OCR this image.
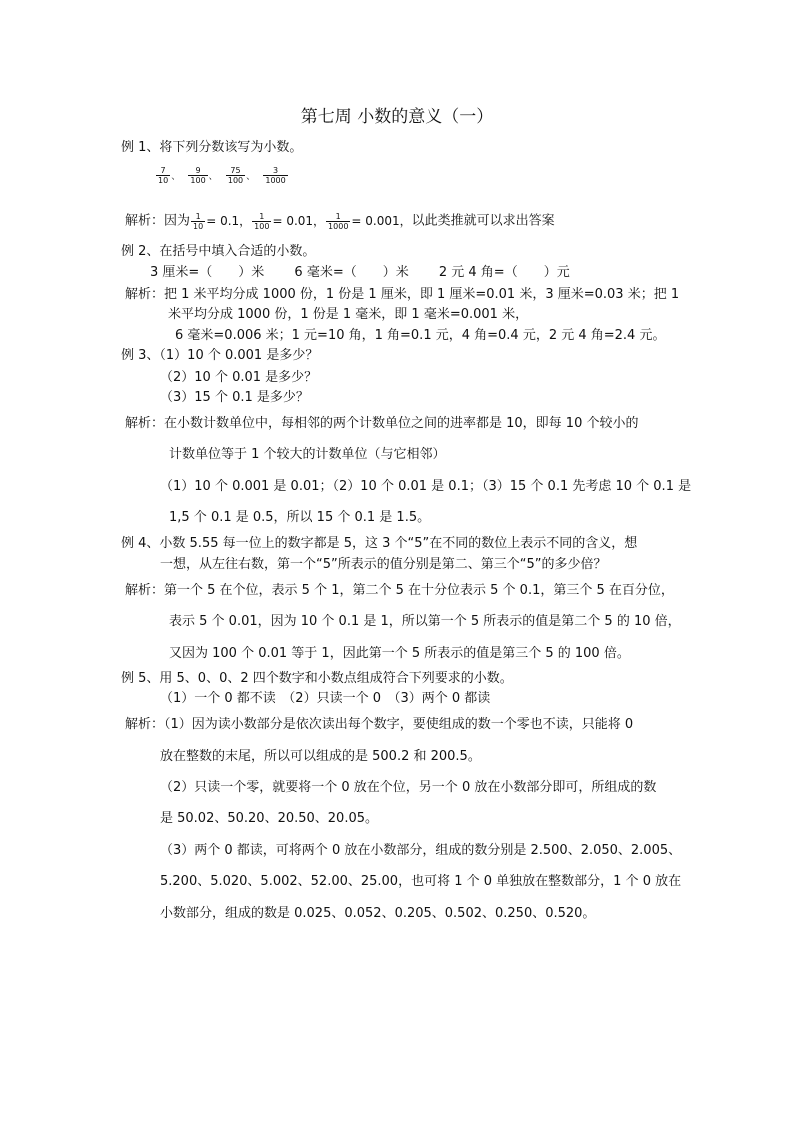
第七周 小数的意义（一）
例 1、将下列分数该写为小数。
$\frac{7}{10}$ 、 $\frac{9}{100}$ 、 $\frac{75}{100}$ 、 $\frac{3}{1000}$
解析：因为 $\frac{1}{10} = 0.1$， $\frac{1}{100} = 0.01$， $\frac{1}{1000} = 0.001$，以此类推就可以求出答案
例 2、在括号中填入合适的小数。
3 厘米=（　　）米　　 6 毫米=（　　）米　　 2 元 4 角=（　　）元
解析：把 1 米平均分成 1000 份，1 份是 1 厘米，即 1 厘米=0.01 米，3 厘米=0.03 米；把 1
米平均分成 1000 份，1 份是 1 毫米，即 1 毫米=0.001 米，
6 毫米=0.006 米；1 元=10 角，1 角=0.1 元，4 角=0.4 元，2 元 4 角=2.4 元。
例 3、（1）10 个 0.001 是多少？
（2）10 个 0.01 是多少？
（3）15 个 0.1 是多少？
解析：在小数计数单位中，每相邻的两个计数单位之间的进率都是 10，即每 10 个较小的
计数单位等于 1 个较大的计数单位（与它相邻）
（1）10 个 0.001 是 0.01；（2）10 个 0.01 是 0.1；（3）15 个 0.1 先考虑 10 个 0.1 是
1,5 个 0.1 是 0.5，所以 15 个 0.1 是 1.5。
例 4、小数 5.55 每一位上的数字都是 5，这 3 个“5”在不同的数位上表示不同的含义，想
一想，从左往右数，第一个“5”所表示的值分别是第二、第三个“5”的多少倍？
解析：第一个 5 在个位，表示 5 个 1，第二个 5 在十分位表示 5 个 0.1，第三个 5 在百分位，
表示 5 个 0.01，因为 10 个 0.1 是 1，所以第一个 5 所表示的值是第二个 5 的 10 倍，
又因为 100 个 0.01 等于 1，因此第一个 5 所表示的值是第三个 5 的 100 倍。
例 5、用 5、0、0、2 四个数字和小数点组成符合下列要求的小数。
（1）一个 0 都不读　（2）只读一个 0　（3）两个 0 都读
解析：（1）因为读小数部分是依次读出每个数字，要使组成的数一个零也不读，只能将 0
放在整数的末尾，所以可以组成的是 500.2 和 200.5。
（2）只读一个零，就要将一个 0 放在个位，另一个 0 放在小数部分即可，所组成的数
是 50.02、50.20、20.50、20.05。
（3）两个 0 都读，可将两个 0 放在小数部分，组成的数分别是 2.500、2.050、2.005、
5.200、5.020、5.002、52.00、25.00，也可将 1 个 0 单独放在整数部分，1 个 0 放在
小数部分，组成的数是 0.025、0.052、0.205、0.502、0.250、0.520。
